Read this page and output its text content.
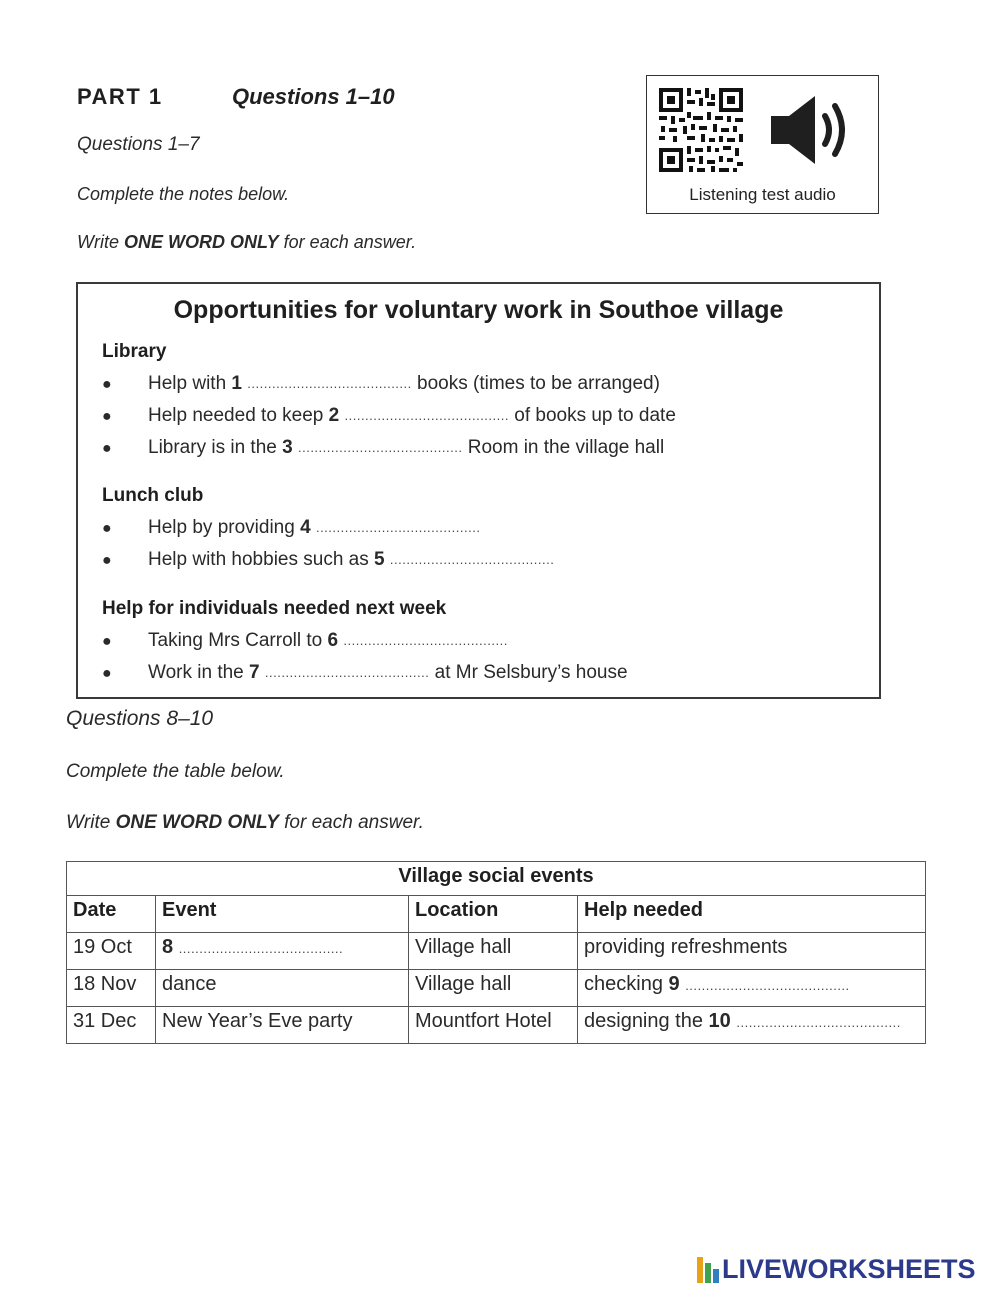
PART 1	Questions 1–10
Questions 1–7
Complete the notes below.
Write ONE WORD ONLY for each answer.
Listening test audio
Opportunities for voluntary work in Southoe village
Library
● Help with 1 ........................................ books (times to be arranged)
● Help needed to keep 2 ........................................ of books up to date
● Library is in the 3 ........................................ Room in the village hall
Lunch club
● Help by providing 4 ........................................
● Help with hobbies such as 5 ........................................
Help for individuals needed next week
● Taking Mrs Carroll to 6 ........................................
● Work in the 7 ........................................ at Mr Selsbury’s house
Questions 8–10
Complete the table below.
Write ONE WORD ONLY for each answer.
Village social events			
Date	Event	Location	Help needed
19 Oct	8 ........................................	Village hall	providing refreshments
18 Nov	dance	Village hall	checking 9 ........................................
31 Dec	New Year’s Eve party	Mountfort Hotel	designing the 10 ........................................
LIVEWORKSHEETS
